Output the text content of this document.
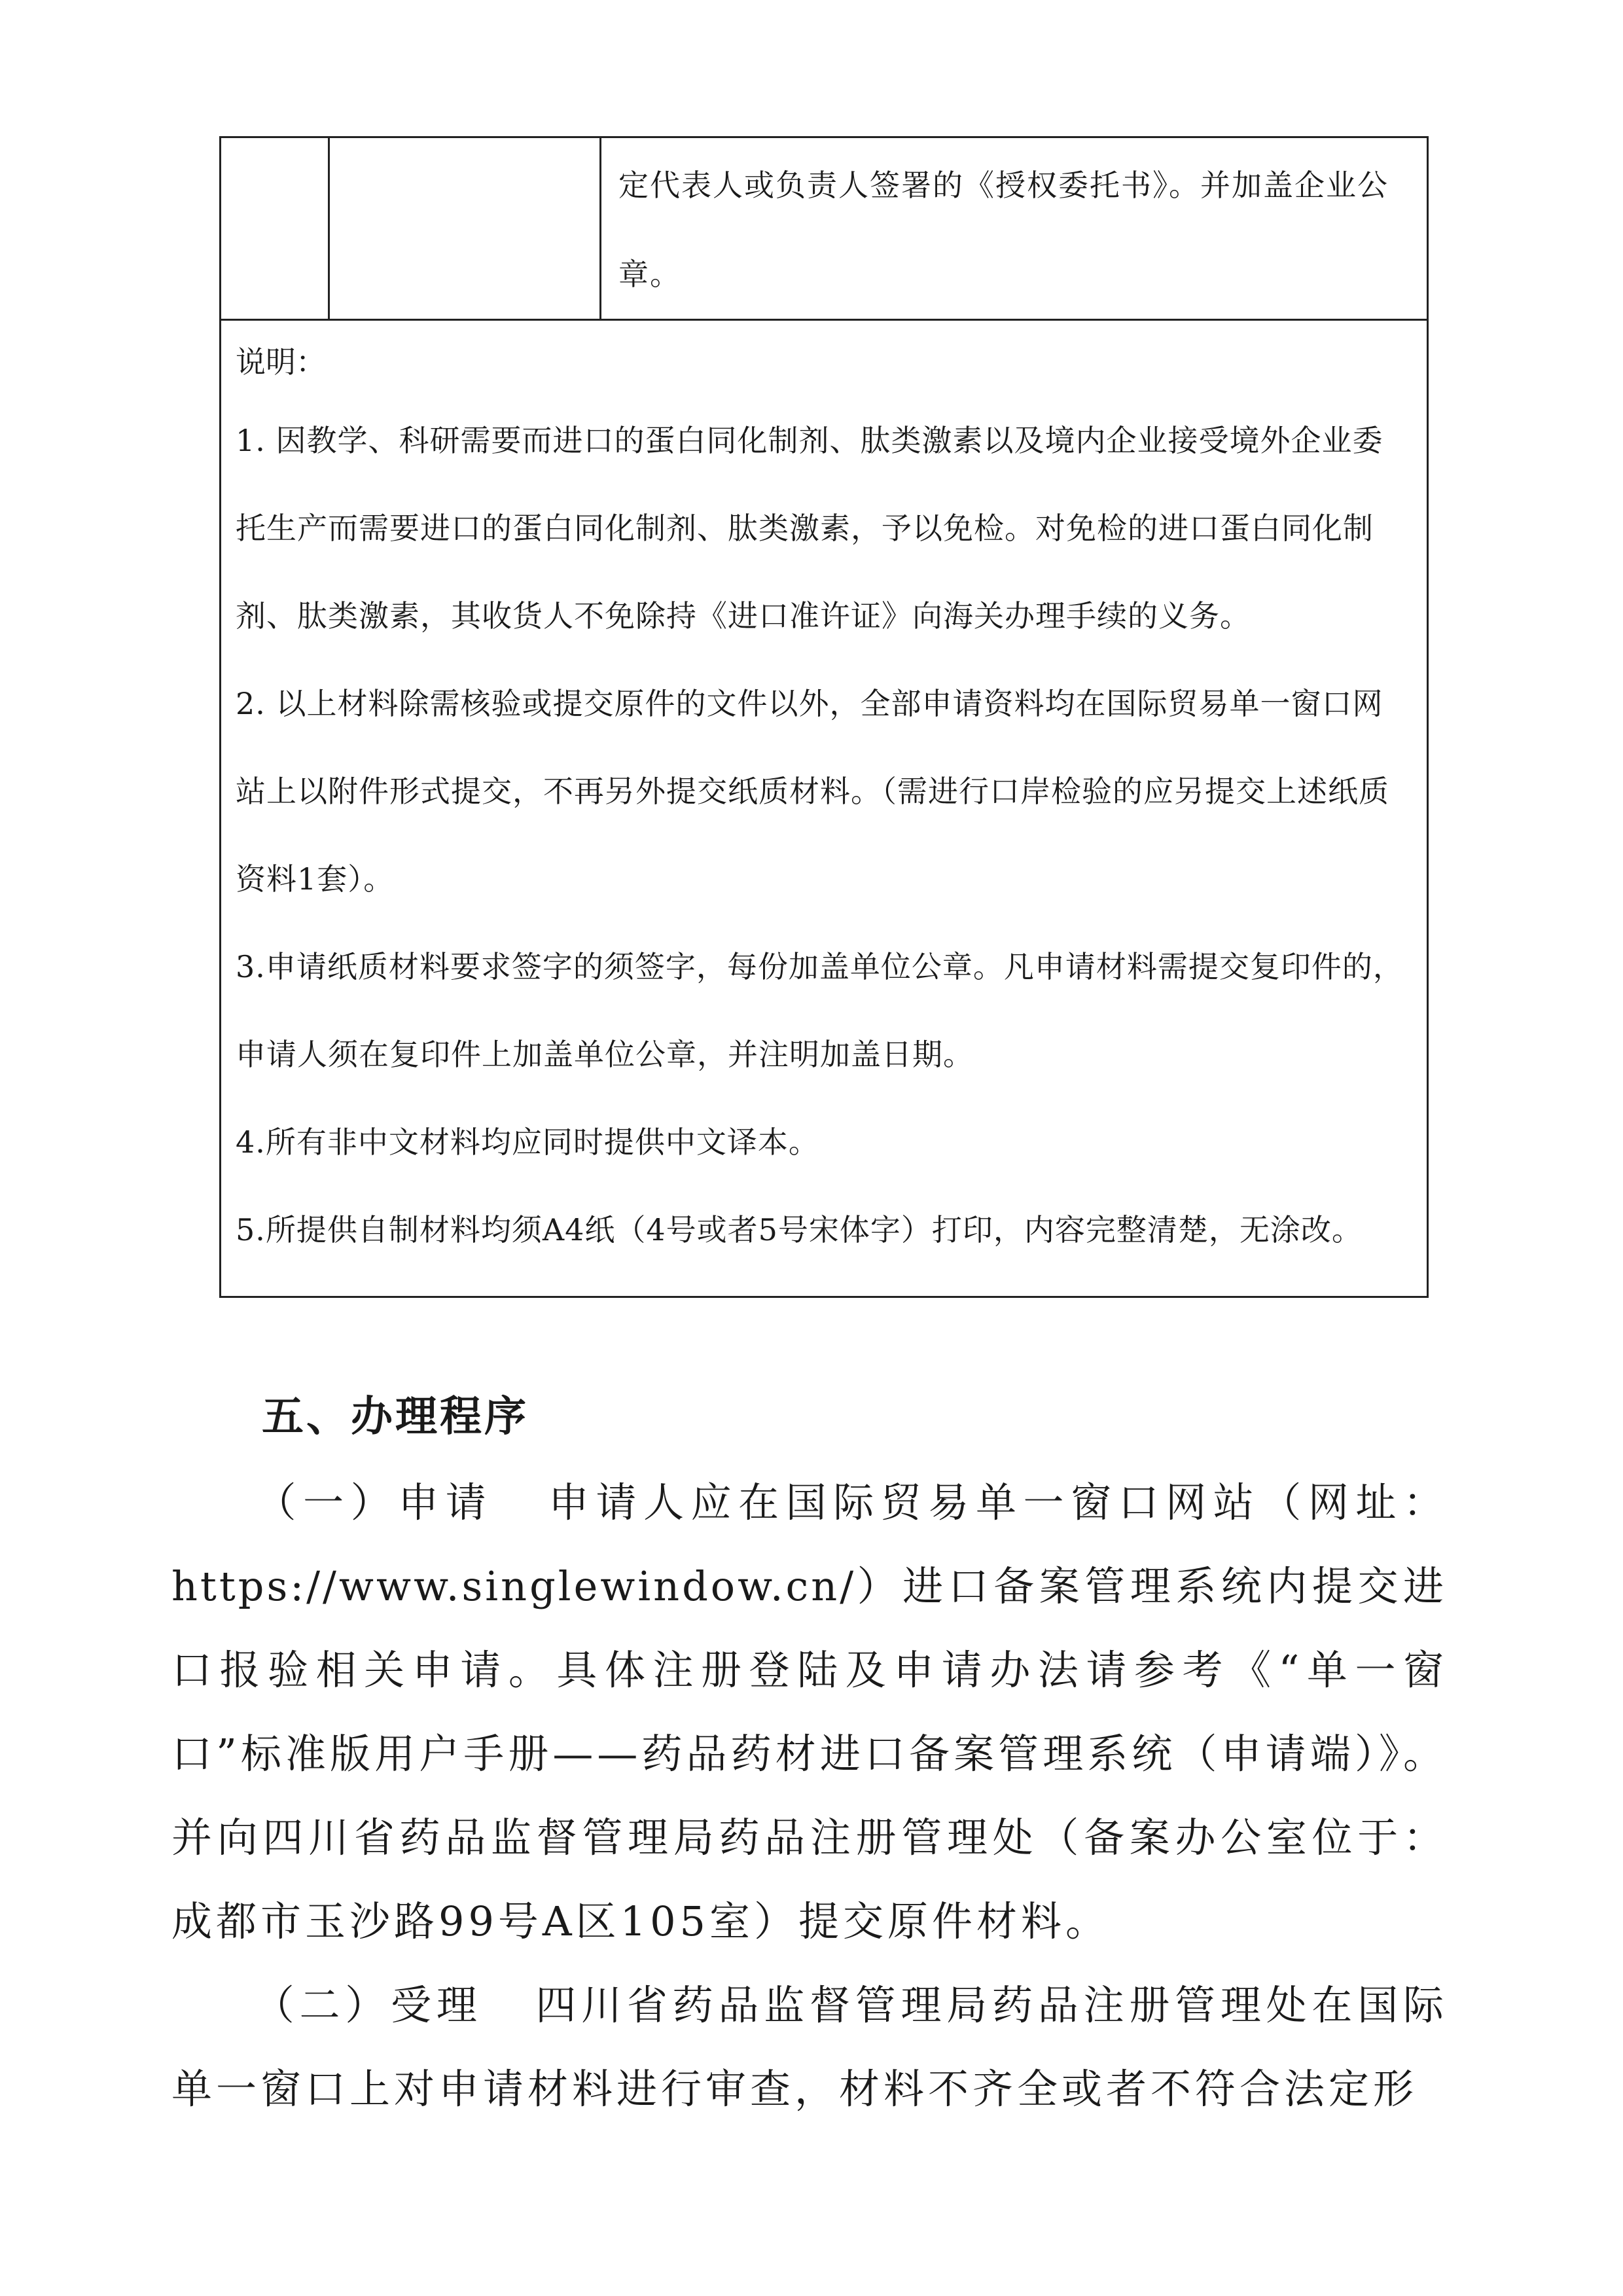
定代表人或负责人签署的《授权委托书》。并加盖企业公章。

说明：

1. 因教学、科研需要而进口的蛋白同化制剂、肽类激素以及境内企业接受境外企业委托生产而需要进口的蛋白同化制剂、肽类激素，予以免检。对免检的进口蛋白同化制剂、肽类激素，其收货人不免除持《进口准许证》向海关办理手续的义务。

2. 以上材料除需核验或提交原件的文件以外，全部申请资料均在国际贸易单一窗口网站上以附件形式提交，不再另外提交纸质材料。（需进行口岸检验的应另提交上述纸质资料1套）。

3.申请纸质材料要求签字的须签字，每份加盖单位公章。凡申请材料需提交复印件的，申请人须在复印件上加盖单位公章，并注明加盖日期。

4.所有非中文材料均应同时提供中文译本。

5.所提供自制材料均须A4纸（4号或者5号宋体字）打印，内容完整清楚，无涂改。

五、办理程序

（一）申请 申请人应在国际贸易单一窗口网站（网址：https://www.singlewindow.cn/）进口备案管理系统内提交进口报验相关申请。具体注册登陆及申请办法请参考《“单一窗口”标准版用户手册——药品药材进口备案管理系统（申请端）》。并向四川省药品监督管理局药品注册管理处（备案办公室位于：成都市玉沙路99号A区105室）提交原件材料。

（二）受理 四川省药品监督管理局药品注册管理处在国际单一窗口上对申请材料进行审查，材料不齐全或者不符合法定形
